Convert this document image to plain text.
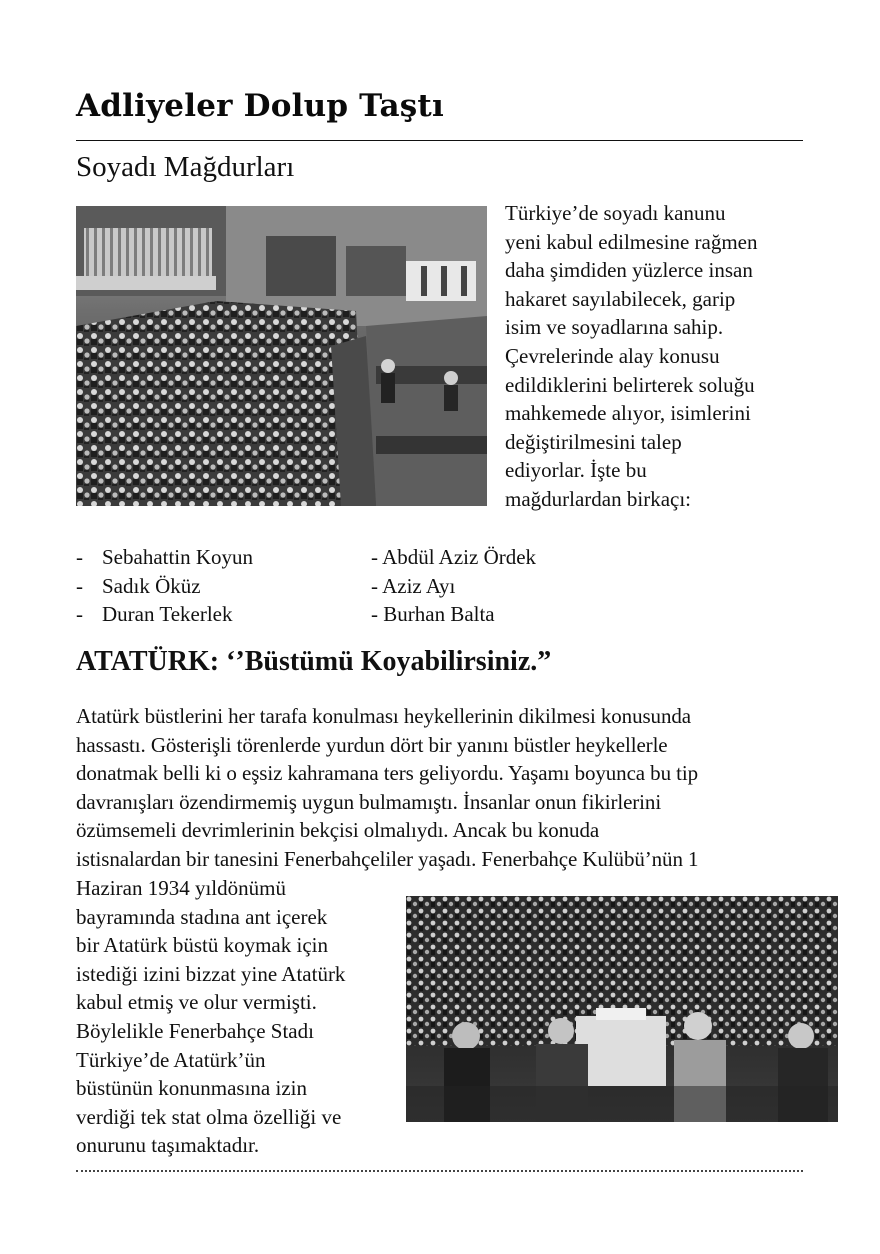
Adliyeler Dolup Taştı
Soyadı Mağdurları

Türkiye’de soyadı kanunu
yeni kabul edilmesine rağmen
daha şimdiden yüzlerce insan
hakaret sayılabilecek, garip
isim ve soyadlarına sahip.
Çevrelerinde alay konusu
edildiklerini belirterek soluğu
mahkemede alıyor, isimlerini
değiştirilmesini talep
ediyorlar. İşte bu
mağdurlardan birkaçı:

- Sebahattin Koyun
- Sadık Öküz
- Duran Tekerlek
- Abdül Aziz Ördek
- Aziz Ayı
- Burhan Balta
ATATÜRK: ‘’Büstümü Koyabilirsiniz.”

Atatürk büstlerini her tarafa konulması heykellerinin dikilmesi konusunda
hassastı. Gösterişli törenlerde yurdun dört bir yanını büstler heykellerle
donatmak belli ki o eşsiz kahramana ters geliyordu. Yaşamı boyunca bu tip
davranışları özendirmemiş uygun bulmamıştı. İnsanlar onun fikirlerini
özümsemeli devrimlerinin bekçisi olmalıydı. Ancak bu konuda
istisnalardan bir tanesini Fenerbahçeliler yaşadı. Fenerbahçe Kulübü’nün 1

Haziran 1934 yıldönümü
bayramında stadına ant içerek
bir Atatürk büstü koymak için
istediği izini bizzat yine Atatürk
kabul etmiş ve olur vermişti.
Böylelikle Fenerbahçe Stadı
Türkiye’de Atatürk’ün
büstünün konunmasına izin
verdiği tek stat olma özelliği ve
onurunu taşımaktadır.
